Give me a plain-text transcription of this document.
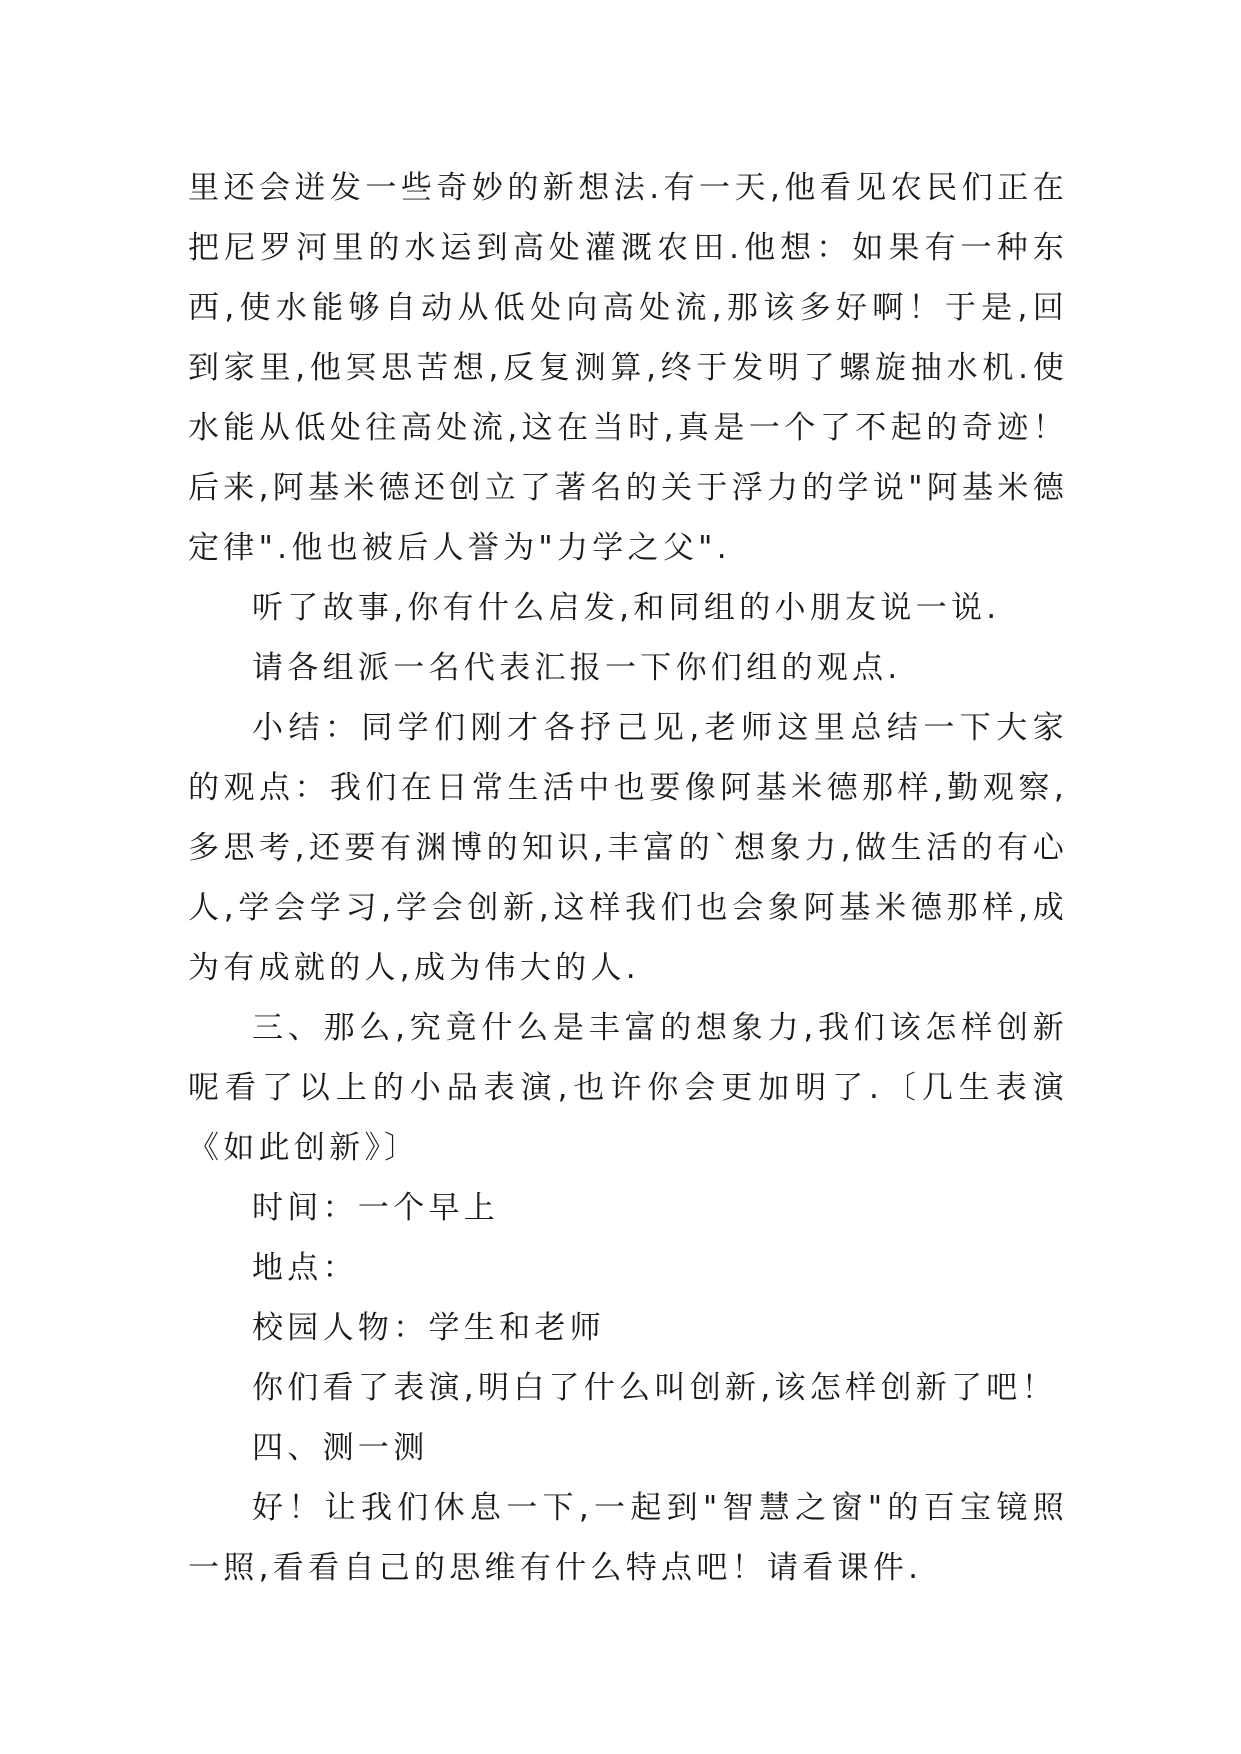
里还会迸发一些奇妙的新想法.有一天,他看见农民们正在把尼罗河里的水运到高处灌溉农田.他想：如果有一种东西,使水能够自动从低处向高处流,那该多好啊！于是,回到家里,他冥思苦想,反复测算,终于发明了螺旋抽水机.使水能从低处往高处流,这在当时,真是一个了不起的奇迹！后来,阿基米德还创立了著名的关于浮力的学说"阿基米德定律".他也被后人誉为"力学之父".

听了故事,你有什么启发,和同组的小朋友说一说.

请各组派一名代表汇报一下你们组的观点.

小结：同学们刚才各抒己见,老师这里总结一下大家的观点：我们在日常生活中也要像阿基米德那样,勤观察,多思考,还要有渊博的知识,丰富的`想象力,做生活的有心人,学会学习,学会创新,这样我们也会象阿基米德那样,成为有成就的人,成为伟大的人.

三、那么,究竟什么是丰富的想象力,我们该怎样创新呢看了以上的小品表演,也许你会更加明了.〔几生表演《如此创新》〕

时间：一个早上

地点：

校园人物：学生和老师

你们看了表演,明白了什么叫创新,该怎样创新了吧！

四、测一测

好！让我们休息一下,一起到"智慧之窗"的百宝镜照一照,看看自己的思维有什么特点吧！请看课件.
